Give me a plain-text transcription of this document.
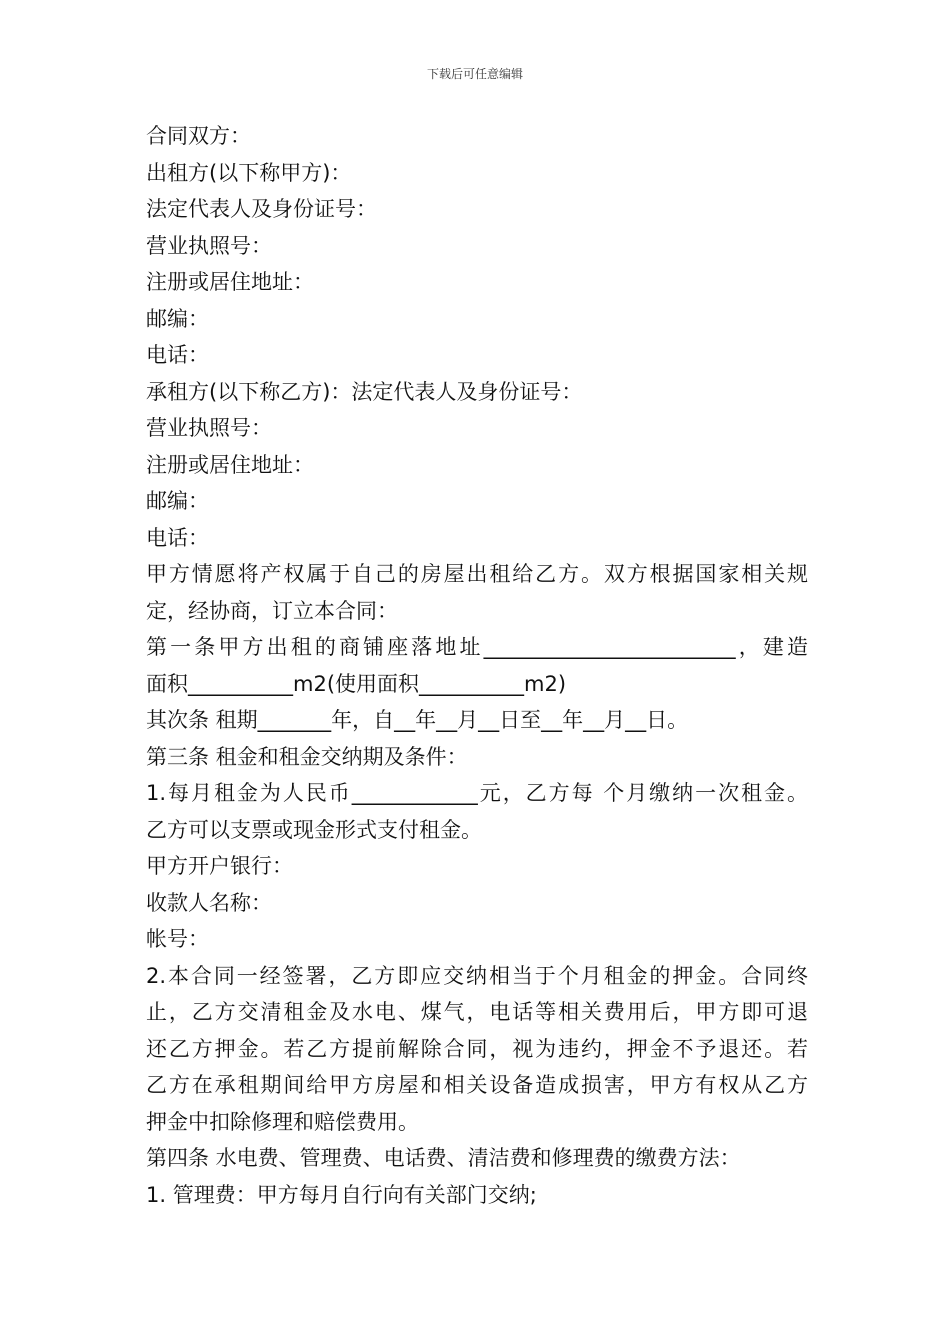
下载后可任意编辑
合同双方：
出租方(以下称甲方)：
法定代表人及身份证号：
营业执照号：
注册或居住地址：
邮编：
电话：
承租方(以下称乙方)：法定代表人及身份证号：
营业执照号：
注册或居住地址：
邮编：
电话：
甲方情愿将产权属于自己的房屋出租给乙方。双方根据国家相关规
定，经协商，订立本合同：
第一条甲方出租的商铺座落地址________________________，建造
面积__________m2(使用面积__________m2)
其次条 租期_______年，自__年__月__日至__年__月__日。
第三条 租金和租金交纳期及条件：
1.每月租金为人民币____________元，乙方每 个月缴纳一次租金。
乙方可以支票或现金形式支付租金。
甲方开户银行：
收款人名称：
帐号：
2.本合同一经签署，乙方即应交纳相当于个月租金的押金。合同终
止，乙方交清租金及水电、煤气，电话等相关费用后，甲方即可退
还乙方押金。若乙方提前解除合同，视为违约，押金不予退还。若
乙方在承租期间给甲方房屋和相关设备造成损害，甲方有权从乙方
押金中扣除修理和赔偿费用。
第四条 水电费、管理费、电话费、清洁费和修理费的缴费方法：
1. 管理费：甲方每月自行向有关部门交纳;
